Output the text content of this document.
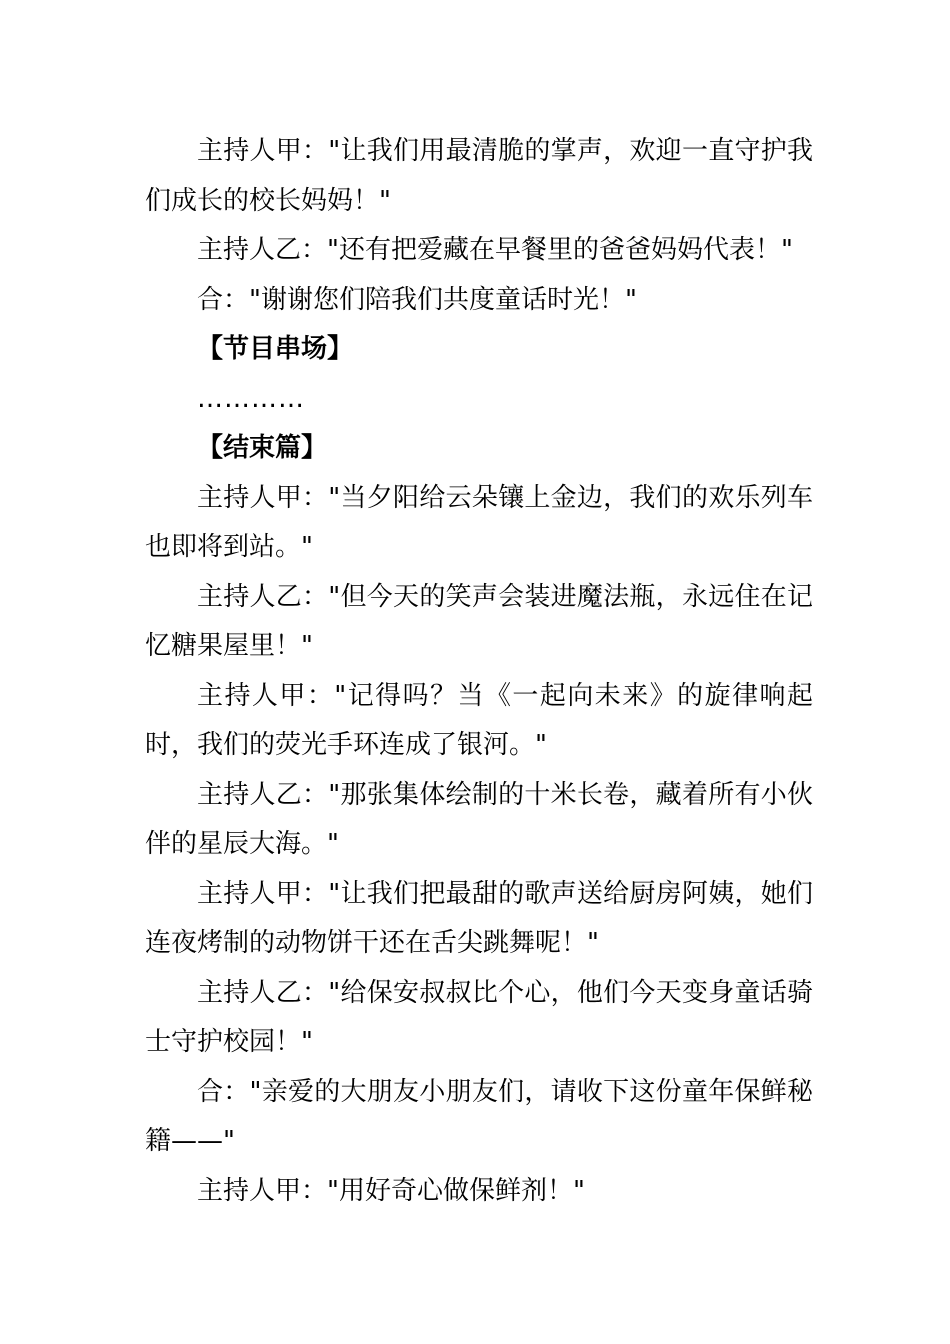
主持人甲："让我们用最清脆的掌声，欢迎一直守护我们成长的校长妈妈！"

主持人乙："还有把爱藏在早餐里的爸爸妈妈代表！"

合："谢谢您们陪我们共度童话时光！"

【节目串场】

…………

【结束篇】

主持人甲："当夕阳给云朵镶上金边，我们的欢乐列车也即将到站。"

主持人乙："但今天的笑声会装进魔法瓶，永远住在记忆糖果屋里！"

主持人甲："记得吗？当《一起向未来》的旋律响起时，我们的荧光手环连成了银河。"

主持人乙："那张集体绘制的十米长卷，藏着所有小伙伴的星辰大海。"

主持人甲："让我们把最甜的歌声送给厨房阿姨，她们连夜烤制的动物饼干还在舌尖跳舞呢！"

主持人乙："给保安叔叔比个心，他们今天变身童话骑士守护校园！"

合："亲爱的大朋友小朋友们，请收下这份童年保鲜秘籍——"

主持人甲："用好奇心做保鲜剂！"
